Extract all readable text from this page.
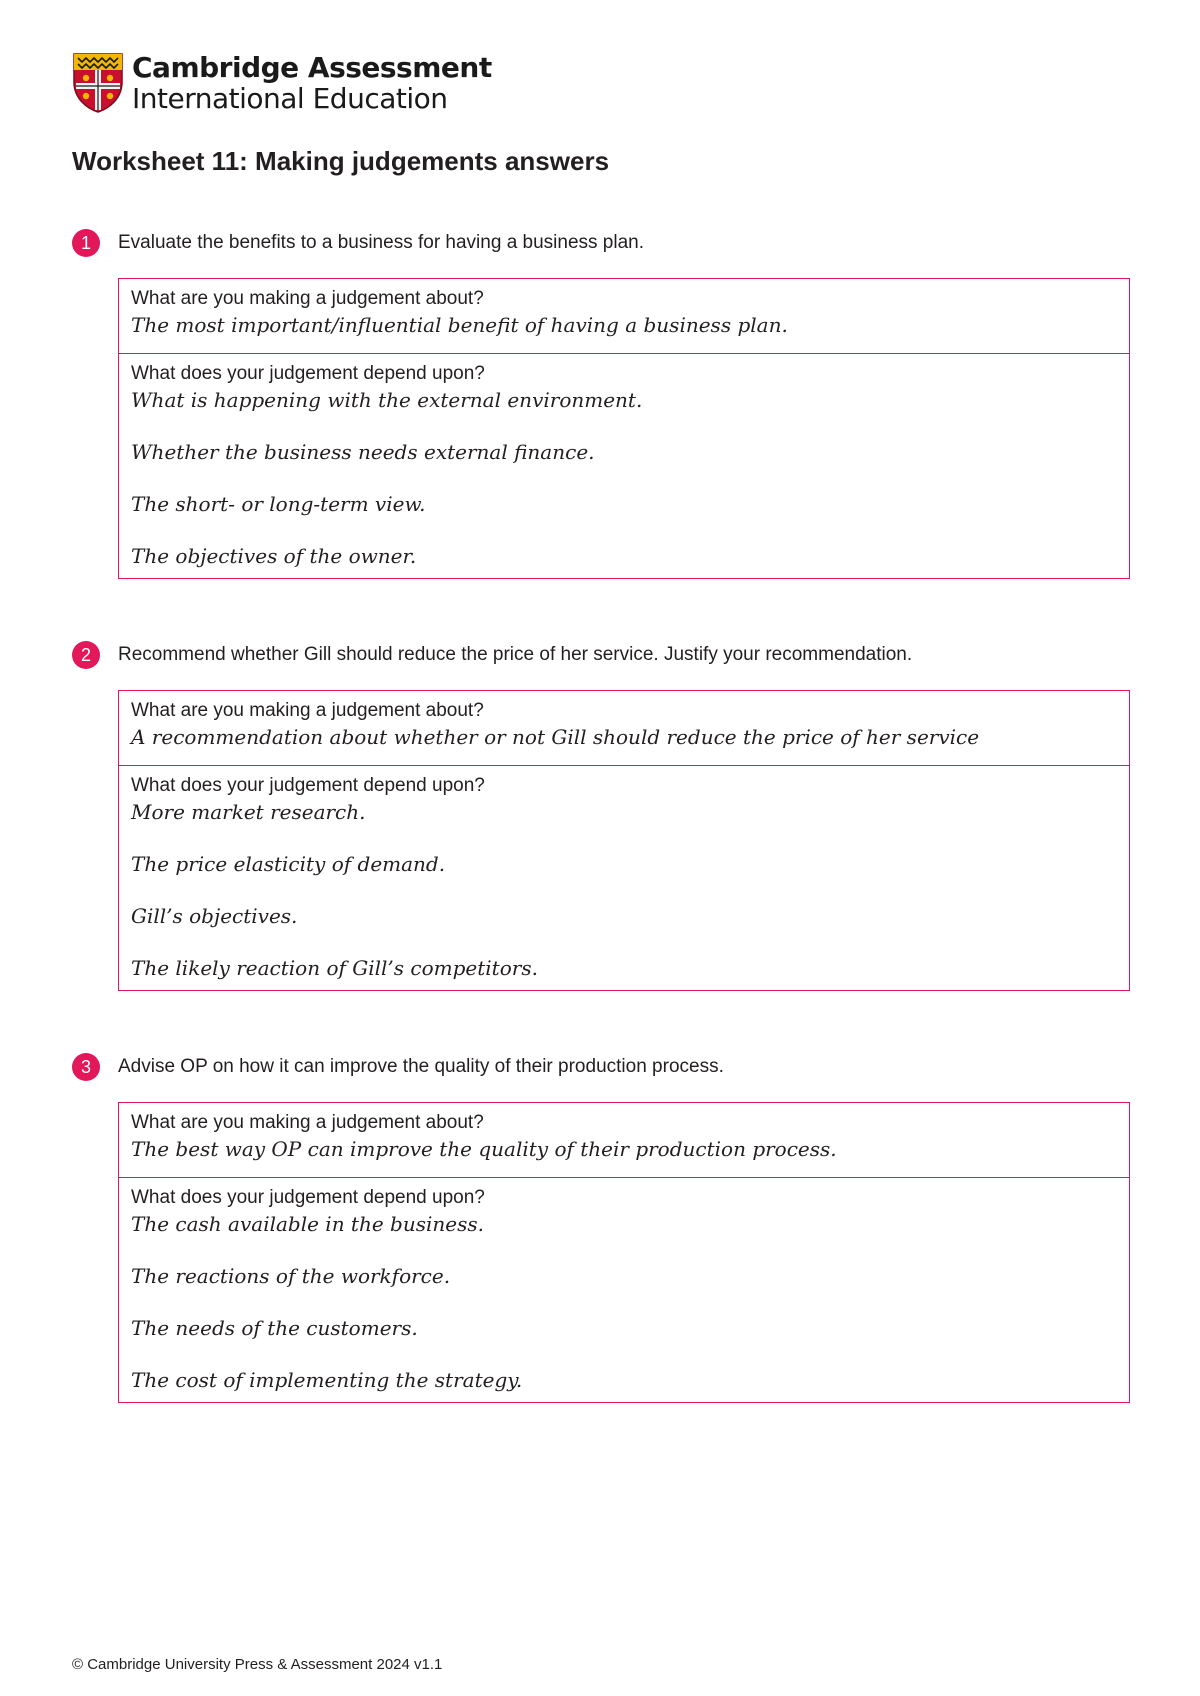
Cambridge Assessment
International Education
Worksheet 11: Making judgements answers
1	Evaluate the benefits to a business for having a business plan.
What are you making a judgement about?
The most important/influential benefit of having a business plan.
What does your judgement depend upon?
What is happening with the external environment.
Whether the business needs external finance.
The short- or long-term view.
The objectives of the owner.
2	Recommend whether Gill should reduce the price of her service. Justify your recommendation.
What are you making a judgement about?
A recommendation about whether or not Gill should reduce the price of her service
What does your judgement depend upon?
More market research.
The price elasticity of demand.
Gill’s objectives.
The likely reaction of Gill’s competitors.
3	Advise OP on how it can improve the quality of their production process.
What are you making a judgement about?
The best way OP can improve the quality of their production process.
What does your judgement depend upon?
The cash available in the business.
The reactions of the workforce.
The needs of the customers.
The cost of implementing the strategy.
© Cambridge University Press & Assessment 2024 v1.1
